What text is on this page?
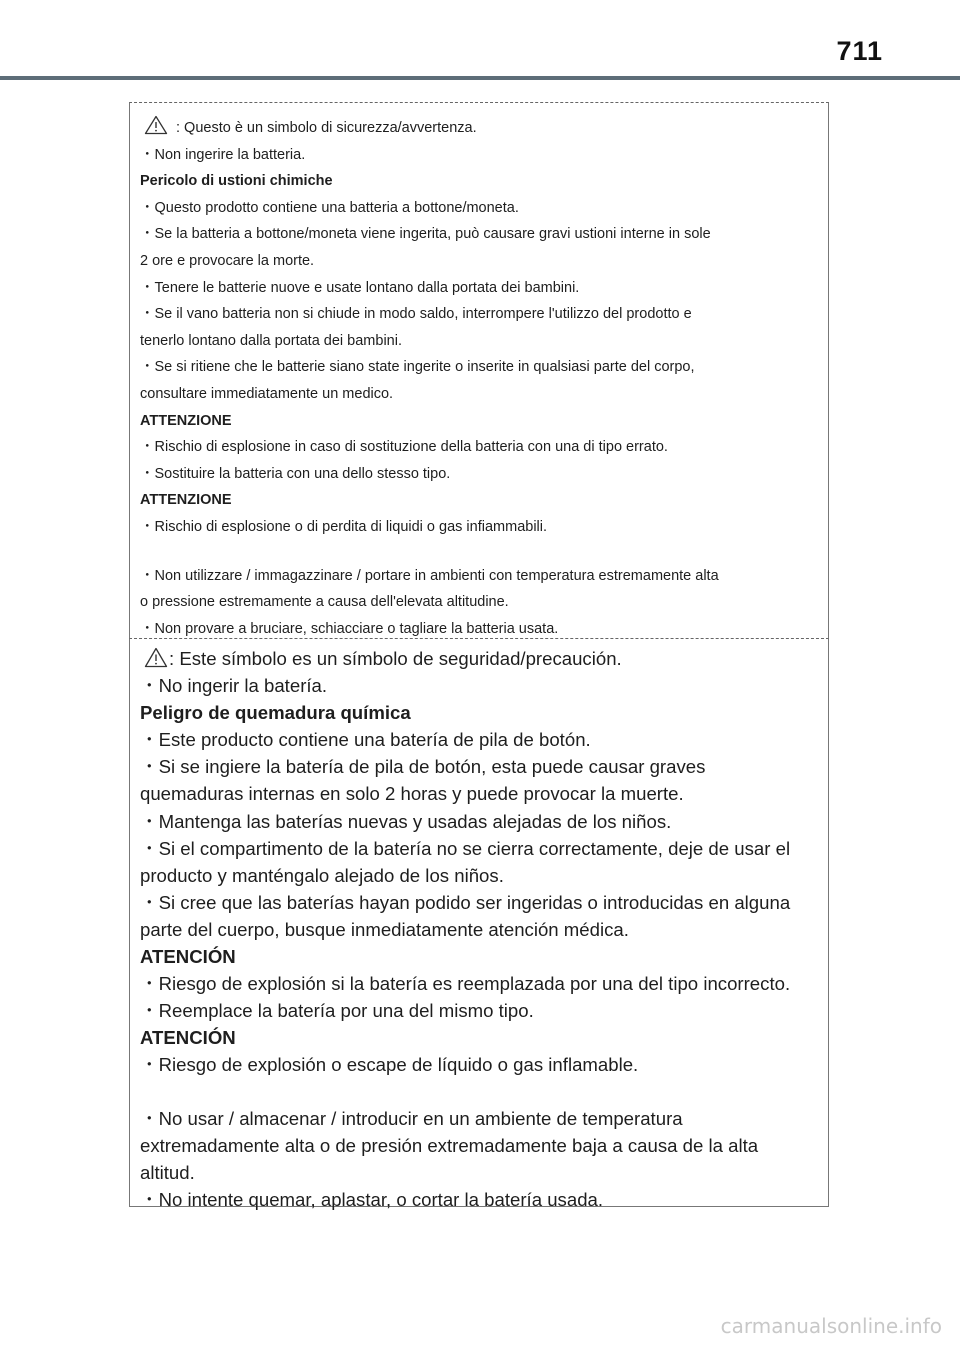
711
: Questo è un simbolo di sicurezza/avvertenza.
・Non ingerire la batteria.
Pericolo di ustioni chimiche
・Questo prodotto contiene una batteria a bottone/moneta.
・Se la batteria a bottone/moneta viene ingerita, può causare gravi ustioni interne in sole
2 ore e provocare la morte.
・Tenere le batterie nuove e usate lontano dalla portata dei bambini.
・Se il vano batteria non si chiude in modo saldo, interrompere l'utilizzo del prodotto e
tenerlo lontano dalla portata dei bambini.
・Se si ritiene che le batterie siano state ingerite o inserite in qualsiasi parte del corpo,
consultare immediatamente un medico.
ATTENZIONE
・Rischio di esplosione in caso di sostituzione della batteria con una di tipo errato.
・Sostituire la batteria con una dello stesso tipo.
ATTENZIONE
・Rischio di esplosione o di perdita di liquidi o gas infiammabili.
・Non utilizzare / immagazzinare / portare in ambienti con temperatura estremamente alta
o pressione estremamente a causa dell'elevata altitudine.
・Non provare a bruciare, schiacciare o tagliare la batteria usata.
: Este símbolo es un símbolo de seguridad/precaución.
・No ingerir la batería.
Peligro de quemadura química
・Este producto contiene una batería de pila de botón.
・Si se ingiere la batería de pila de botón, esta puede causar graves
quemaduras internas en solo 2 horas y puede provocar la muerte.
・Mantenga las baterías nuevas y usadas alejadas de los niños.
・Si el compartimento de la batería no se cierra correctamente, deje de usar el
producto y manténgalo alejado de los niños.
・Si cree que las baterías hayan podido ser ingeridas o introducidas en alguna
parte del cuerpo, busque inmediatamente atención médica.
ATENCIÓN
・Riesgo de explosión si la batería es reemplazada por una del tipo incorrecto.
・Reemplace la batería por una del mismo tipo.
ATENCIÓN
・Riesgo de explosión o escape de líquido o gas inflamable.
・No usar / almacenar / introducir en un ambiente de temperatura
extremadamente alta o de presión extremadamente baja a causa de la alta
altitud.
・No intente quemar, aplastar, o cortar la batería usada.
carmanualsonline.info
